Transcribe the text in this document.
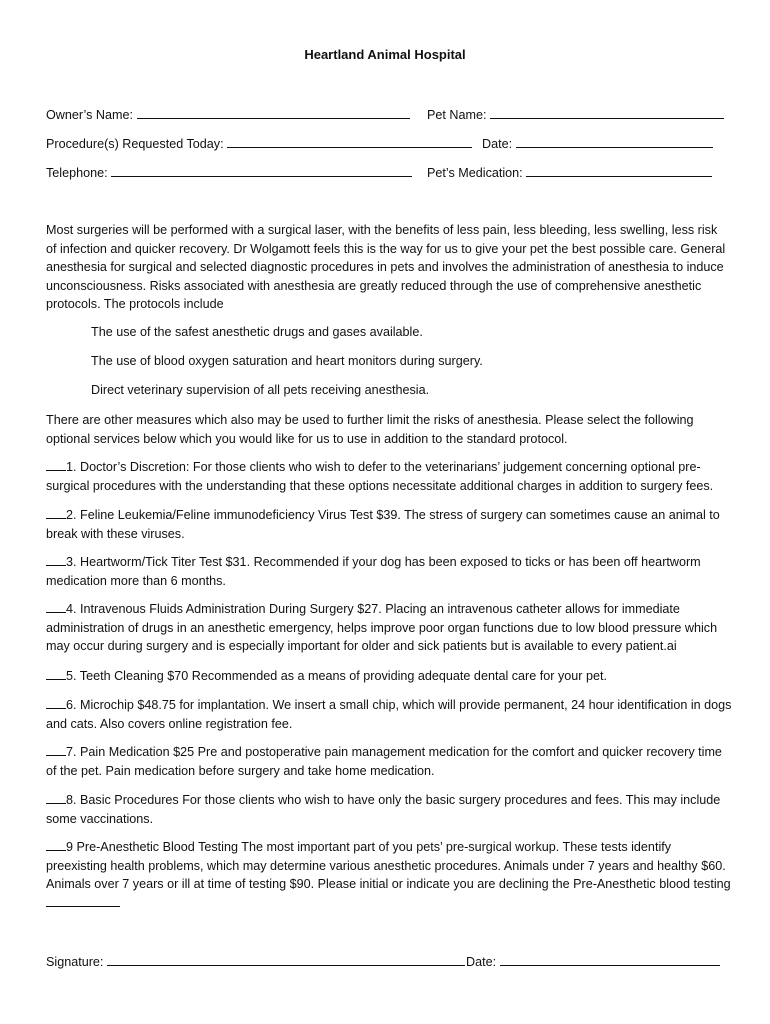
Heartland Animal Hospital
Owner’s Name:	Pet Name:
Procedure(s) Requested Today:	Date:
Telephone:	Pet’s Medication:

Most surgeries will be performed with a surgical laser, with the benefits of less pain, less bleeding, less swelling, less risk of infection and quicker recovery. Dr Wolgamott feels this is the way for us to give your pet the best possible care. General anesthesia for surgical and selected diagnostic procedures in pets and involves the administration of anesthesia to induce unconsciousness. Risks associated with anesthesia are greatly reduced through the use of comprehensive anesthetic protocols. The protocols include

The use of the safest anesthetic drugs and gases available.
The use of blood oxygen saturation and heart monitors during surgery.
Direct veterinary supervision of all pets receiving anesthesia.

There are other measures which also may be used to further limit the risks of anesthesia. Please select the following optional services below which you would like for us to use in addition to the standard protocol.

1. Doctor’s Discretion: For those clients who wish to defer to the veterinarians’ judgement concerning optional pre-surgical procedures with the understanding that these options necessitate additional charges in addition to surgery fees.
2. Feline Leukemia/Feline immunodeficiency Virus Test $39. The stress of surgery can sometimes cause an animal to break with these viruses.
3. Heartworm/Tick Titer Test $31. Recommended if your dog has been exposed to ticks or has been off heartworm medication more than 6 months.
4. Intravenous Fluids Administration During Surgery $27. Placing an intravenous catheter allows for immediate administration of drugs in an anesthetic emergency, helps improve poor organ functions due to low blood pressure which may occur during surgery and is especially important for older and sick patients but is available to every patient.ai
5. Teeth Cleaning $70 Recommended as a means of providing adequate dental care for your pet.
6. Microchip $48.75 for implantation. We insert a small chip, which will provide permanent, 24 hour identification in dogs and cats. Also covers online registration fee.
7. Pain Medication $25 Pre and postoperative pain management medication for the comfort and quicker recovery time of the pet. Pain medication before surgery and take home medication.
8. Basic Procedures For those clients who wish to have only the basic surgery procedures and fees. This may include some vaccinations.
9 Pre-Anesthetic Blood Testing The most important part of you pets’ pre-surgical workup. These tests identify preexisting health problems, which may determine various anesthetic procedures. Animals under 7 years and healthy $60. Animals over 7 years or ill at time of testing $90. Please initial or indicate you are declining the Pre-Anesthetic blood testing
Signature:	Date:
